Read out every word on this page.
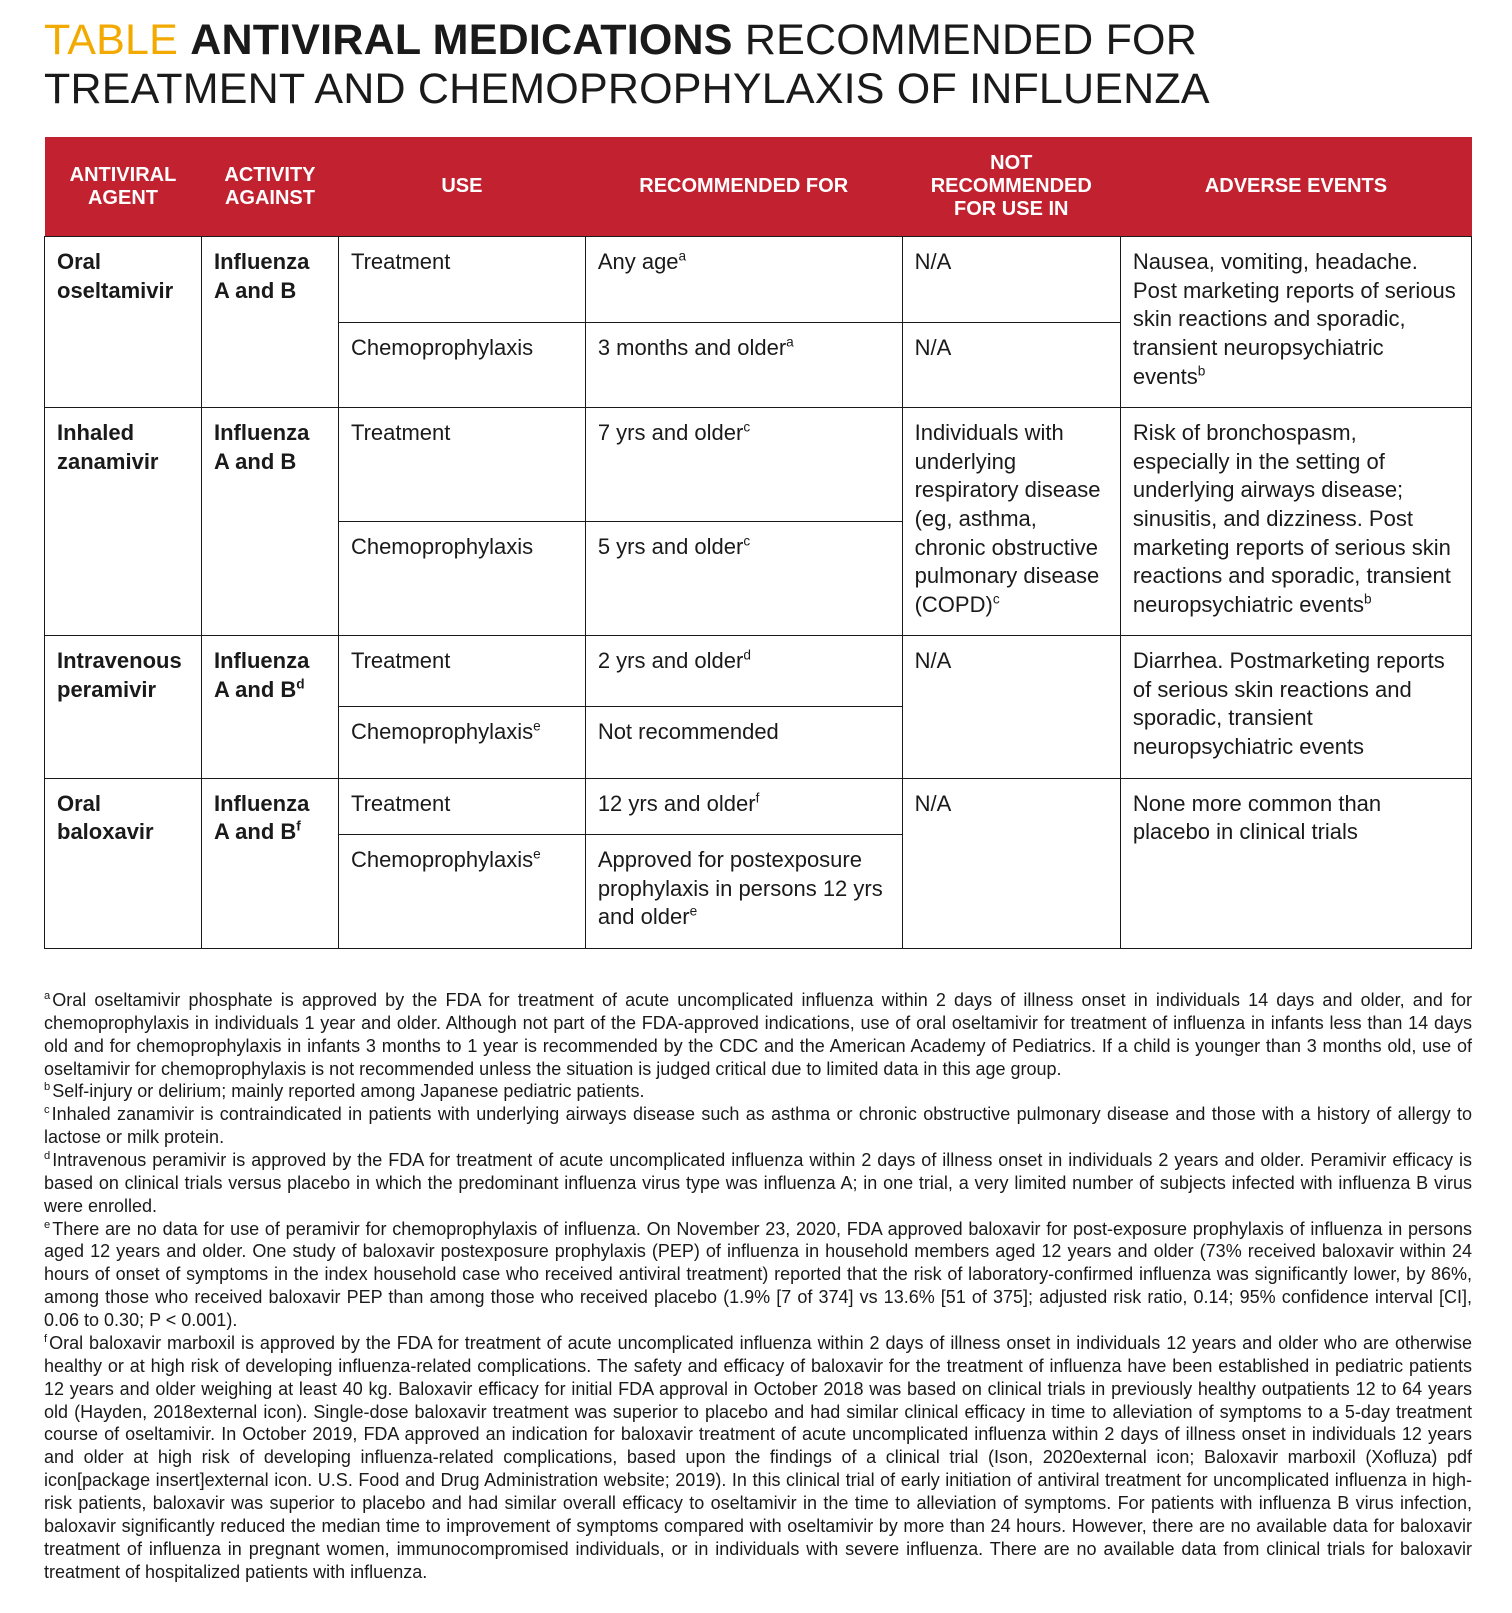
TABLE ANTIVIRAL MEDICATIONS RECOMMENDED FOR
TREATMENT AND CHEMOPROPHYLAXIS OF INFLUENZA
ANTIVIRAL AGENT	ACTIVITY AGAINST	USE	RECOMMENDED FOR	NOT RECOMMENDED FOR USE IN	ADVERSE EVENTS
Oral oseltamivir	Influenza A and B	Treatment	Any age$^a$	N/A	Nausea, vomiting, headache. Post marketing reports of serious skin reactions and sporadic, transient neuropsychiatric events$^b$
		Chemoprophylaxis	3 months and older$^a$	N/A	
Inhaled zanamivir	Influenza A and B	Treatment	7 yrs and older$^c$	Individuals with underlying respiratory disease (eg, asthma, chronic obstructive pulmonary disease (COPD)$^c$	Risk of bronchospasm, especially in the setting of underlying airways disease; sinusitis, and dizziness. Post marketing reports of serious skin reactions and sporadic, transient neuropsychiatric events$^b$
		Chemoprophylaxis	5 yrs and older$^c$
Intravenous peramivir	Influenza A and $B^d$	Treatment	2 yrs and older$^d$	N/A	Diarrhea. Postmarketing reports of serious skin reactions and sporadic, transient neuropsychiatric events
		Chemoprophylaxis$^e$	Not recommended		
Oral baloxavir	Influenza A and $B^f$	Treatment	12 yrs and older$^f$	N/A	None more common than placebo in clinical trials
		Chemoprophylaxis$^e$	Approved for postexposure prophylaxis in persons 12 yrs and older$^e$

$^a$ Oral oseltamivir phosphate is approved by the FDA for treatment of acute uncomplicated influenza within 2 days of illness onset in individuals 14 days and older, and for chemoprophylaxis in individuals 1 year and older. Although not part of the FDA-approved indications, use of oral oseltamivir for treatment of influenza in infants less than 14 days old and for chemoprophylaxis in infants 3 months to 1 year is recommended by the CDC and the American Academy of Pediatrics. If a child is younger than 3 months old, use of oseltamivir for chemoprophylaxis is not recommended unless the situation is judged critical due to limited data in this age group.

$^b$ Self-injury or delirium; mainly reported among Japanese pediatric patients.

$^c$ Inhaled zanamivir is contraindicated in patients with underlying airways disease such as asthma or chronic obstructive pulmonary disease and those with a history of allergy to lactose or milk protein.

$^d$ Intravenous peramivir is approved by the FDA for treatment of acute uncomplicated influenza within 2 days of illness onset in individuals 2 years and older. Peramivir efficacy is based on clinical trials versus placebo in which the predominant influenza virus type was influenza A; in one trial, a very limited number of subjects infected with influenza B virus were enrolled.

$^e$ There are no data for use of peramivir for chemoprophylaxis of influenza. On November 23, 2020, FDA approved baloxavir for post-exposure prophylaxis of influenza in persons aged 12 years and older. One study of baloxavir postexposure prophylaxis (PEP) of influenza in household members aged 12 years and older (73% received baloxavir within 24 hours of onset of symptoms in the index household case who received antiviral treatment) reported that the risk of laboratory-confirmed influenza was significantly lower, by 86%, among those who received baloxavir PEP than among those who received placebo (1.9% [7 of 374] vs 13.6% [51 of 375]; adjusted risk ratio, 0.14; 95% confidence interval [CI], 0.06 to 0.30; P < 0.001).

$^f$ Oral baloxavir marboxil is approved by the FDA for treatment of acute uncomplicated influenza within 2 days of illness onset in individuals 12 years and older who are otherwise healthy or at high risk of developing influenza-related complications. The safety and efficacy of baloxavir for the treatment of influenza have been established in pediatric patients 12 years and older weighing at least 40 kg. Baloxavir efficacy for initial FDA approval in October 2018 was based on clinical trials in previously healthy outpatients 12 to 64 years old (Hayden, 2018external icon). Single-dose baloxavir treatment was superior to placebo and had similar clinical efficacy in time to alleviation of symptoms to a 5-day treatment course of oseltamivir. In October 2019, FDA approved an indication for baloxavir treatment of acute uncomplicated influenza within 2 days of illness onset in individuals 12 years and older at high risk of developing influenza-related complications, based upon the findings of a clinical trial (Ison, 2020external icon; Baloxavir marboxil (Xofluza) pdf icon[package insert]external icon. U.S. Food and Drug Administration website; 2019). In this clinical trial of early initiation of antiviral treatment for uncomplicated influenza in high-risk patients, baloxavir was superior to placebo and had similar overall efficacy to oseltamivir in the time to alleviation of symptoms. For patients with influenza B virus infection, baloxavir significantly reduced the median time to improvement of symptoms compared with oseltamivir by more than 24 hours. However, there are no available data for baloxavir treatment of influenza in pregnant women, immunocompromised individuals, or in individuals with severe influenza. There are no available data from clinical trials for baloxavir treatment of hospitalized patients with influenza.
